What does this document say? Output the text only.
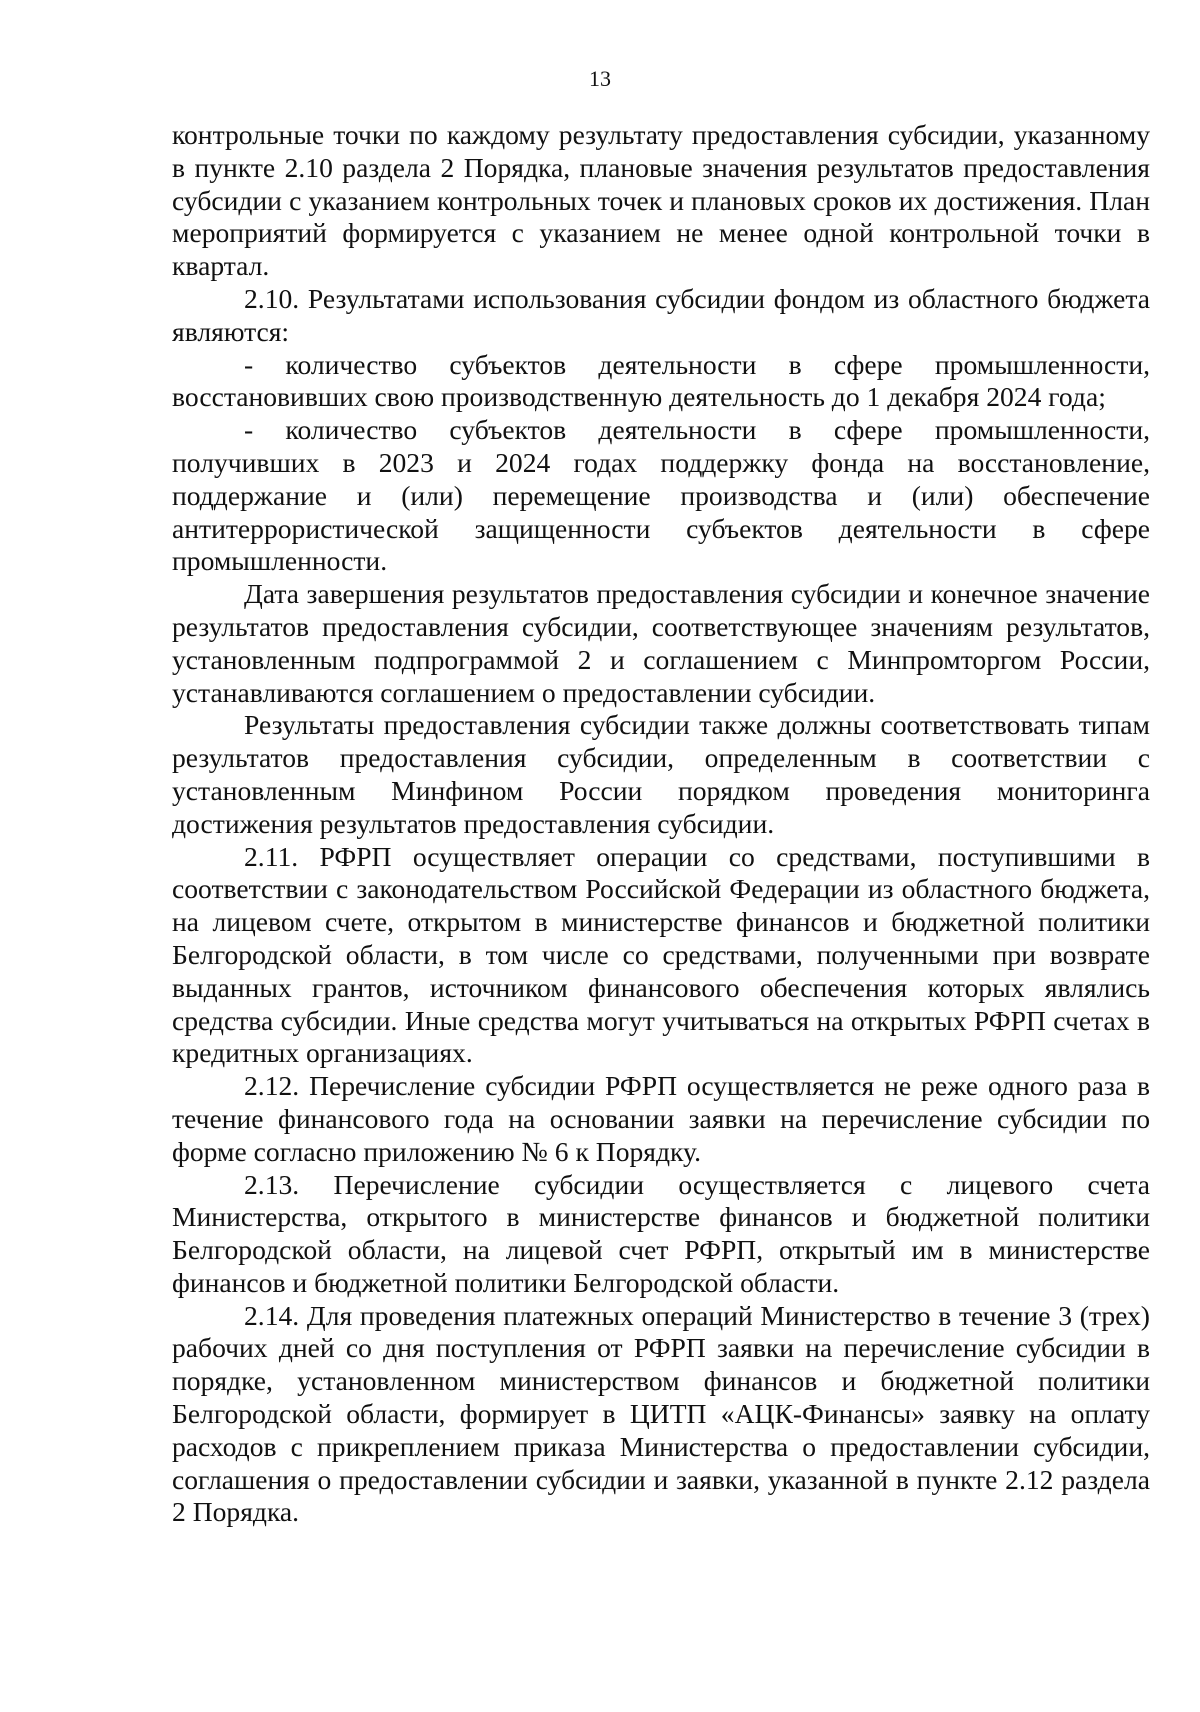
13

контрольные точки по каждому результату предоставления субсидии, указанному в пункте 2.10 раздела 2 Порядка, плановые значения результатов предоставления субсидии с указанием контрольных точек и плановых сроков их достижения. План мероприятий формируется с указанием не менее одной контрольной точки в квартал.

2.10. Результатами использования субсидии фондом из областного бюджета являются:

- количество субъектов деятельности в сфере промышленности, восстановивших свою производственную деятельность до 1 декабря 2024 года;

- количество субъектов деятельности в сфере промышленности, получивших в 2023 и 2024 годах поддержку фонда на восстановление, поддержание и (или) перемещение производства и (или) обеспечение антитеррористической защищенности субъектов деятельности в сфере промышленности.

Дата завершения результатов предоставления субсидии и конечное значение результатов предоставления субсидии, соответствующее значениям результатов, установленным подпрограммой 2 и соглашением с Минпромторгом России, устанавливаются соглашением о предоставлении субсидии.

Результаты предоставления субсидии также должны соответствовать типам результатов предоставления субсидии, определенным в соответствии с установленным Минфином России порядком проведения мониторинга достижения результатов предоставления субсидии.

2.11. РФРП осуществляет операции со средствами, поступившими в соответствии с законодательством Российской Федерации из областного бюджета, на лицевом счете, открытом в министерстве финансов и бюджетной политики Белгородской области, в том числе со средствами, полученными при возврате выданных грантов, источником финансового обеспечения которых являлись средства субсидии. Иные средства могут учитываться на открытых РФРП счетах в кредитных организациях.

2.12. Перечисление субсидии РФРП осуществляется не реже одного раза в течение финансового года на основании заявки на перечисление субсидии по форме согласно приложению № 6 к Порядку.

2.13. Перечисление субсидии осуществляется с лицевого счета Министерства, открытого в министерстве финансов и бюджетной политики Белгородской области, на лицевой счет РФРП, открытый им в министерстве финансов и бюджетной политики Белгородской области.

2.14. Для проведения платежных операций Министерство в течение 3 (трех) рабочих дней со дня поступления от РФРП заявки на перечисление субсидии в порядке, установленном министерством финансов и бюджетной политики Белгородской области, формирует в ЦИТП «АЦК-Финансы» заявку на оплату расходов с прикреплением приказа Министерства о предоставлении субсидии, соглашения о предоставлении субсидии и заявки, указанной в пункте 2.12 раздела 2 Порядка.
